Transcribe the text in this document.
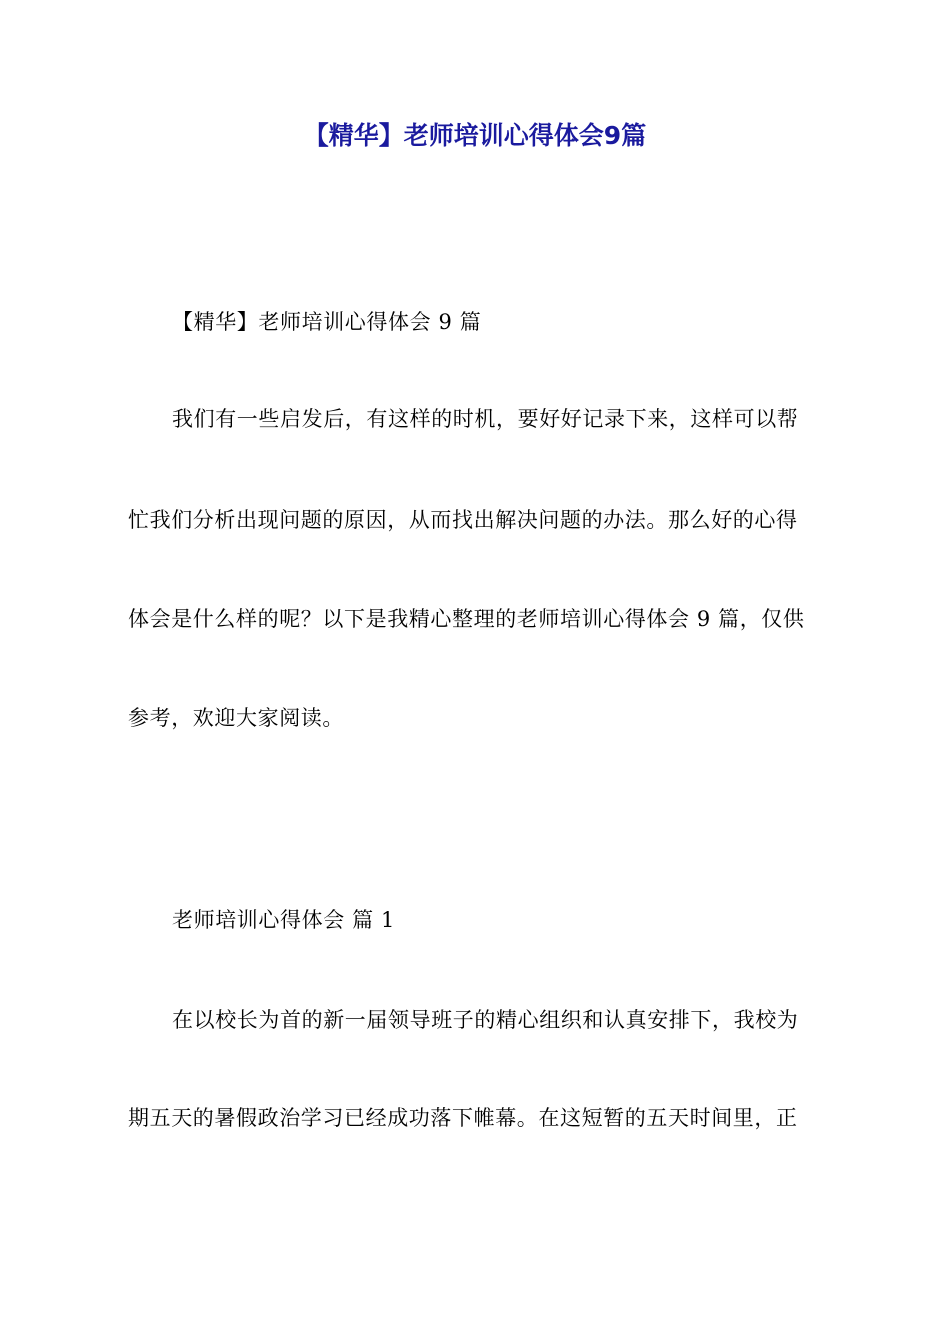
【精华】老师培训心得体会9篇

【精华】老师培训心得体会 9 篇

我们有一些启发后，有这样的时机，要好好记录下来，这样可以帮

忙我们分析出现问题的原因，从而找出解决问题的办法。那么好的心得

体会是什么样的呢？以下是我精心整理的老师培训心得体会 9 篇，仅供

参考，欢迎大家阅读。

老师培训心得体会 篇 1

在以校长为首的新一届领导班子的精心组织和认真安排下，我校为

期五天的暑假政治学习已经成功落下帷幕。在这短暂的五天时间里，正
